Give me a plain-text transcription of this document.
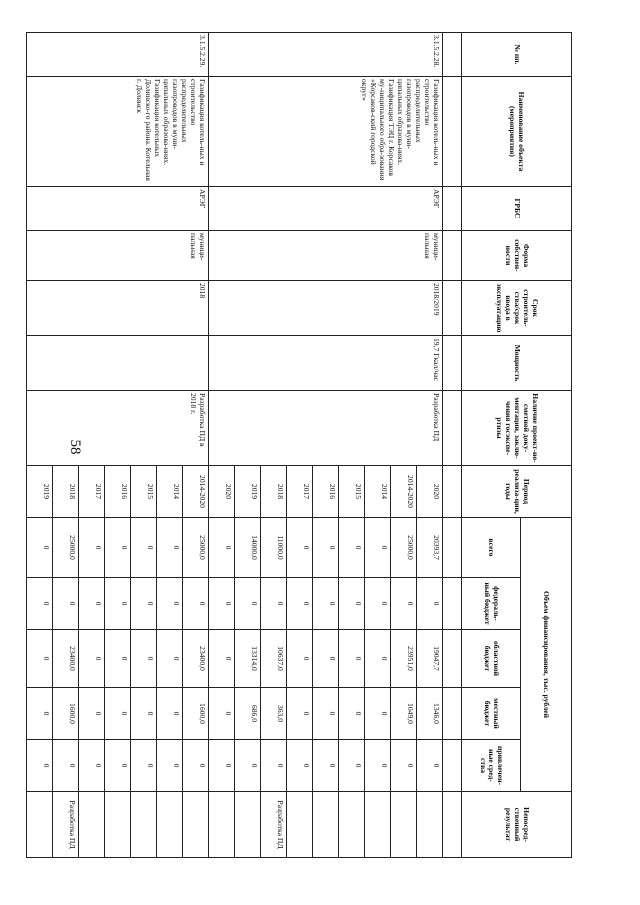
58
№ пп.	Наименование объекта (мероприятия)	ГРБС	Форма собствен-ности	Срок строитель-ства/срок ввода в эксплуатацию	Мощность	Наличие проект-но-сметной доку-ментации, заклю-чения госэкспе-ртизы	Период реализа-ции, годы	Объем финансирования, тыс. рублей					Непосред-ственный результат
								всего	федераль-ный бюджет	областной бюджет	местный бюджет	привлечен-ные сред-ства	

3.1.5.2.28.	Газификация котель-ных и строительство распределительных газопроводов в муни-ципальных образова-ниях. Газификация ТЭЦ г. Корсаков му-ниципального обра-зования «Корсаков-ский городской округ»	АРЭГ	муници-пальная	2018/2019	19,7 Гкал/час	Разработка ПД	2020	20393,7	0	19047,7	1346,0	0	
							2014-2020	25000,0	0	23951,0	1049,0	0	
							2014	0	0	0	0	0	
							2015	0	0	0	0	0	
							2016	0	0	0	0	0	
							2017	0	0	0	0	0	
							2018	11000,0	0	10637,0	363,0	0	Разработка ПД
							2019	14000,0	0	13314,0	686,0	0	
							2020	0	0	0	0	0	
3.1.5.2.29.	Газификация котель-ных и строительство распределительных газопроводов в муни-ципальных образова-ниях. Газификация котельных Долинско-го района. Котельная г. Долинск	АРЭГ	муници-пальная	2018		Разработка ПД в 2018 г.	2014-2020	25000,0	0	23400,0	1600,0	0	
							2014	0	0	0	0	0	
							2015	0	0	0	0	0	
							2016	0	0	0	0	0	
							2017	0	0	0	0	0	
							2018	25000,0	0	23400,0	1600,0	0	Разработка ПД
							2019	0	0	0	0	0	
